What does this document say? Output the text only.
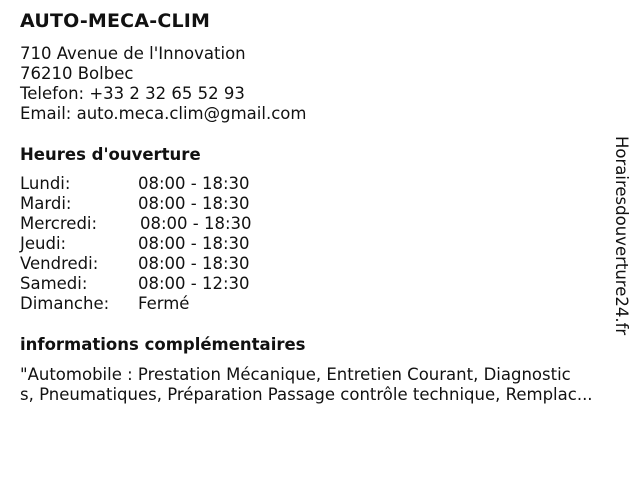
AUTO-MECA-CLIM
710 Avenue de l'Innovation
76210 Bolbec
Telefon: +33 2 32 65 52 93
Email: auto.meca.clim@gmail.com
Heures d'ouverture
Lundi:	08:00 - 18:30
Mardi:	08:00 - 18:30
Mercredi:	08:00 - 18:30
Jeudi:	08:00 - 18:30
Vendredi: 08:00 - 18:30
Samedi:	08:00 - 12:30
Dimanche: Fermé
informations complémentaires
"Automobile : Prestation Mécanique, Entretien Courant, Diagnostic
s, Pneumatiques, Préparation Passage contrôle technique, Remplac...
Horairesdouverture24.fr
